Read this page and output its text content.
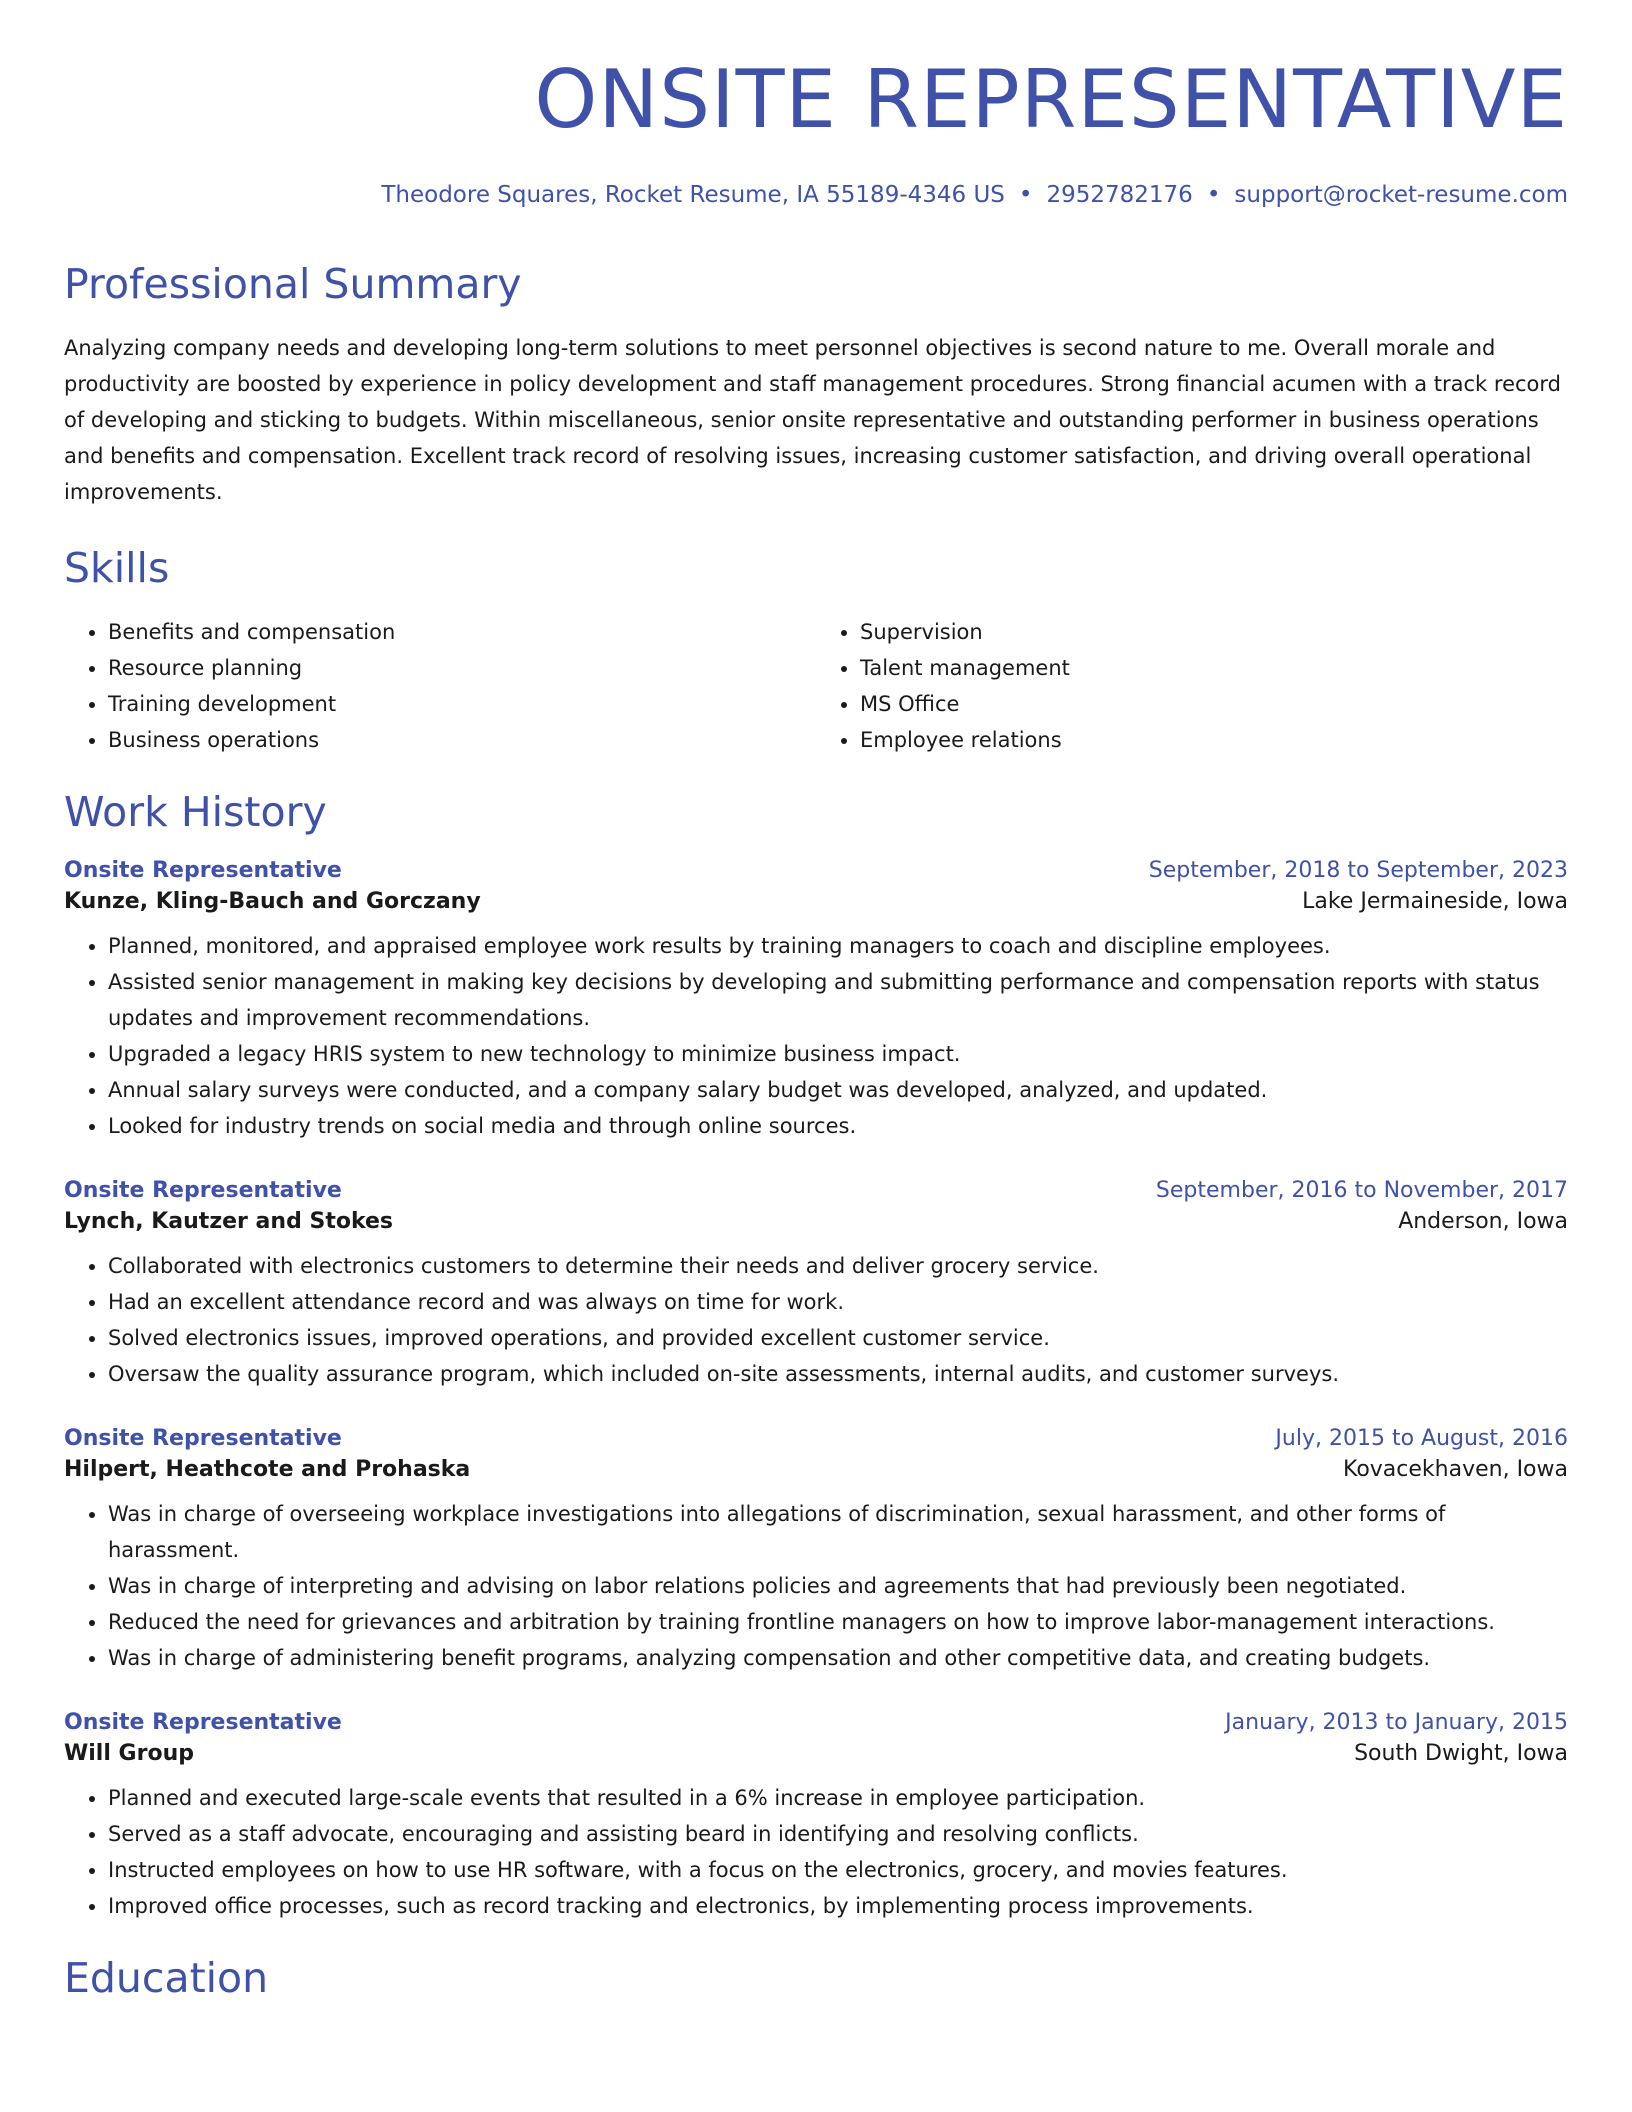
ONSITE REPRESENTATIVE
Theodore Squares, Rocket Resume, IA 55189-4346 US • 2952782176 • support@rocket-resume.com
Professional Summary
Analyzing company needs and developing long-term solutions to meet personnel objectives is second nature to me. Overall morale and productivity are boosted by experience in policy development and staff management procedures. Strong financial acumen with a track record of developing and sticking to budgets. Within miscellaneous, senior onsite representative and outstanding performer in business operations and benefits and compensation. Excellent track record of resolving issues, increasing customer satisfaction, and driving overall operational improvements.
Skills
• Benefits and compensation
• Resource planning
• Training development
• Business operations
• Supervision
• Talent management
• MS Office
• Employee relations
Work History
Onsite Representative	September, 2018 to September, 2023
Kunze, Kling-Bauch and Gorczany	Lake Jermaineside, Iowa
• Planned, monitored, and appraised employee work results by training managers to coach and discipline employees.
• Assisted senior management in making key decisions by developing and submitting performance and compensation reports with status updates and improvement recommendations.
• Upgraded a legacy HRIS system to new technology to minimize business impact.
• Annual salary surveys were conducted, and a company salary budget was developed, analyzed, and updated.
• Looked for industry trends on social media and through online sources.
Onsite Representative	September, 2016 to November, 2017
Lynch, Kautzer and Stokes	Anderson, Iowa
• Collaborated with electronics customers to determine their needs and deliver grocery service.
• Had an excellent attendance record and was always on time for work.
• Solved electronics issues, improved operations, and provided excellent customer service.
• Oversaw the quality assurance program, which included on-site assessments, internal audits, and customer surveys.
Onsite Representative	July, 2015 to August, 2016
Hilpert, Heathcote and Prohaska	Kovacekhaven, Iowa
• Was in charge of overseeing workplace investigations into allegations of discrimination, sexual harassment, and other forms of harassment.
• Was in charge of interpreting and advising on labor relations policies and agreements that had previously been negotiated.
• Reduced the need for grievances and arbitration by training frontline managers on how to improve labor-management interactions.
• Was in charge of administering benefit programs, analyzing compensation and other competitive data, and creating budgets.
Onsite Representative	January, 2013 to January, 2015
Will Group	South Dwight, Iowa
• Planned and executed large-scale events that resulted in a 6% increase in employee participation.
• Served as a staff advocate, encouraging and assisting beard in identifying and resolving conflicts.
• Instructed employees on how to use HR software, with a focus on the electronics, grocery, and movies features.
• Improved office processes, such as record tracking and electronics, by implementing process improvements.
Education
